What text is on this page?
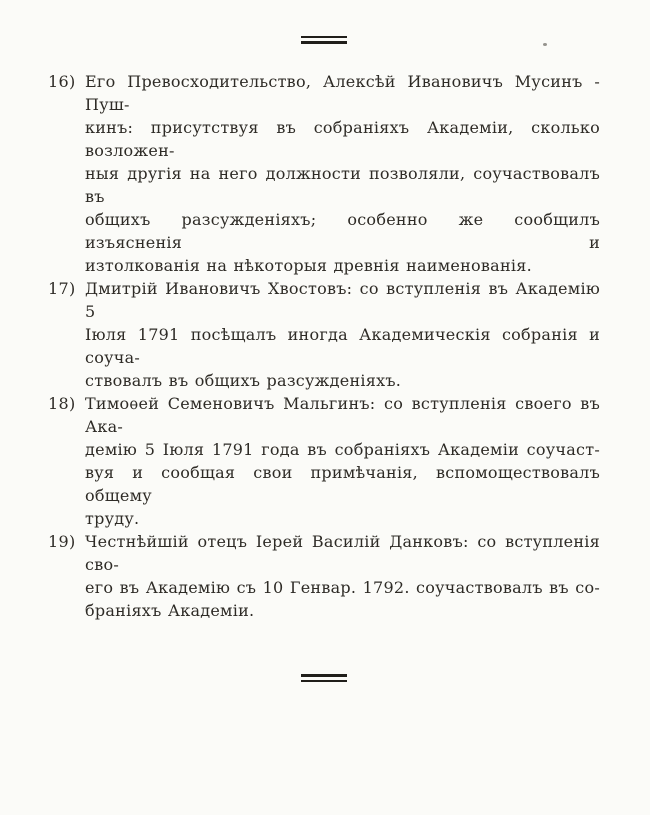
16) Его Превосходительство, Алексѣй Ивановичъ Мусинъ - Пуш-
кинъ: присутствуя въ собраніяхъ Академіи, сколько возложен-
ныя другія на него должности позволяли, соучаствовалъ въ
общихъ разсужденіяхъ; особенно же сообщилъ изъясненія и
изтолкованія на нѣкоторыя древнія наименованія.
17) Дмитрій Ивановичъ Хвостовъ: со вступленія въ Академію 5
Іюля 1791 посѣщалъ иногда Академическія собранія и соуча-
ствовалъ въ общихъ разсужденіяхъ.
18) Тимоѳей Семеновичъ Мальгинъ: со вступленія своего въ Ака-
демію 5 Іюля 1791 года въ собраніяхъ Академіи соучаст-
вуя и сообщая свои примѣчанія, вспомоществовалъ общему
труду.
19) Честнѣйшій отецъ Іерей Василій Данковъ: со вступленія сво-
его въ Академію съ 10 Генвар. 1792. соучаствовалъ въ со-
браніяхъ Академіи.
